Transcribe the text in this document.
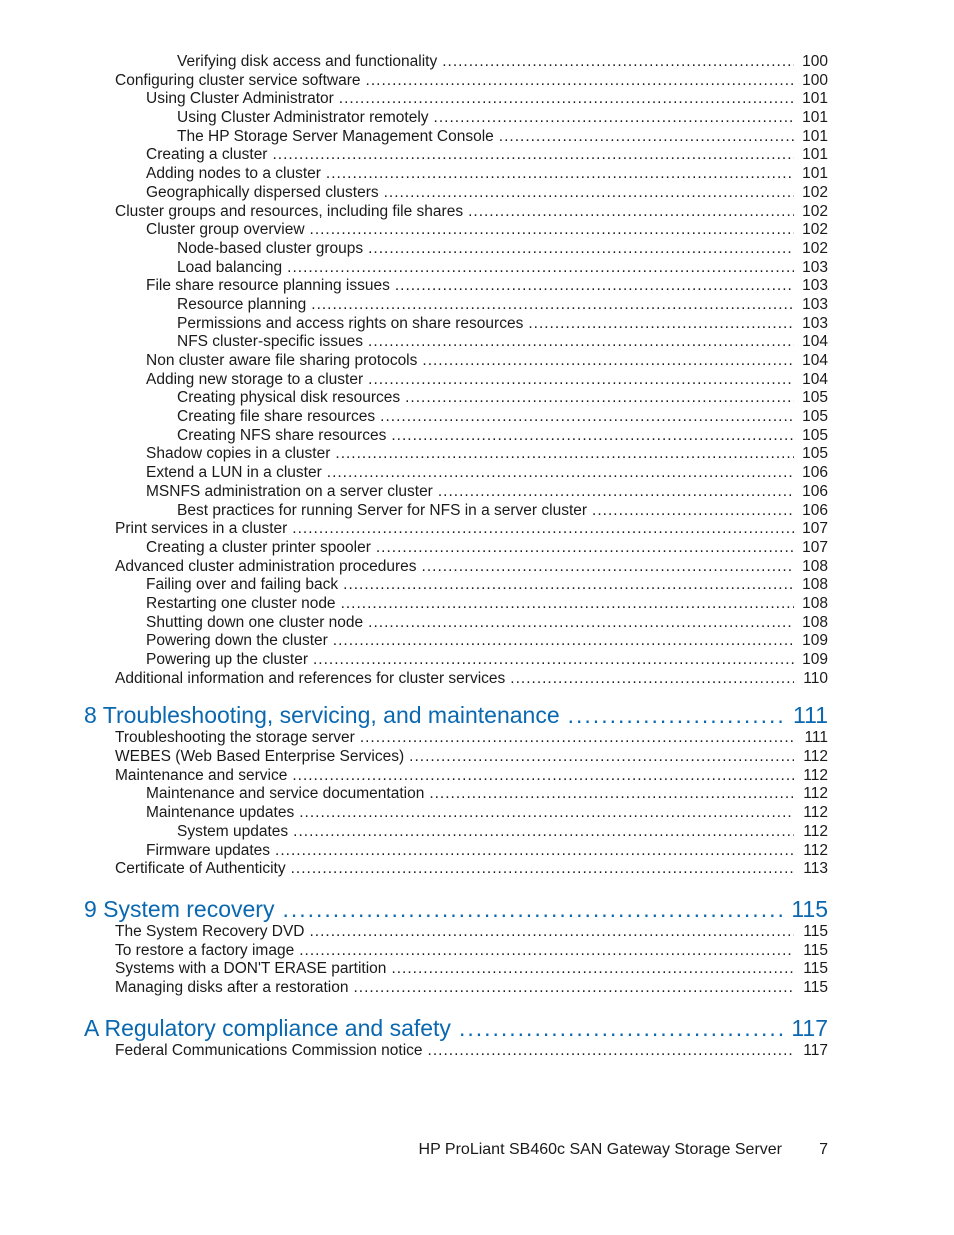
Verifying disk access and functionality .....	100
Configuring cluster service software .....	100
Using Cluster Administrator .....	101
Using Cluster Administrator remotely .....	101
The HP Storage Server Management Console .....	101
Creating a cluster .....	101
Adding nodes to a cluster .....	101
Geographically dispersed clusters .....	102
Cluster groups and resources, including file shares .....	102
Cluster group overview .....	102
Node-based cluster groups .....	102
Load balancing .....	103
File share resource planning issues .....	103
Resource planning .....	103
Permissions and access rights on share resources .....	103
NFS cluster-specific issues .....	104
Non cluster aware file sharing protocols .....	104
Adding new storage to a cluster .....	104
Creating physical disk resources .....	105
Creating file share resources .....	105
Creating NFS share resources .....	105
Shadow copies in a cluster .....	105
Extend a LUN in a cluster .....	106
MSNFS administration on a server cluster .....	106
Best practices for running Server for NFS in a server cluster .....	106
Print services in a cluster .....	107
Creating a cluster printer spooler .....	107
Advanced cluster administration procedures .....	108
Failing over and failing back .....	108
Restarting one cluster node .....	108
Shutting down one cluster node .....	108
Powering down the cluster .....	109
Powering up the cluster .....	109
Additional information and references for cluster services .....	110
8 Troubleshooting, servicing, and maintenance .....	111
Troubleshooting the storage server .....	111
WEBES (Web Based Enterprise Services) .....	112
Maintenance and service .....	112
Maintenance and service documentation .....	112
Maintenance updates .....	112
System updates .....	112
Firmware updates .....	112
Certificate of Authenticity .....	113
9 System recovery .....	115
The System Recovery DVD .....	115
To restore a factory image .....	115
Systems with a DON'T ERASE partition .....	115
Managing disks after a restoration .....	115
A Regulatory compliance and safety .....	117
Federal Communications Commission notice .....	117
HP ProLiant SB460c SAN Gateway Storage Server 7
